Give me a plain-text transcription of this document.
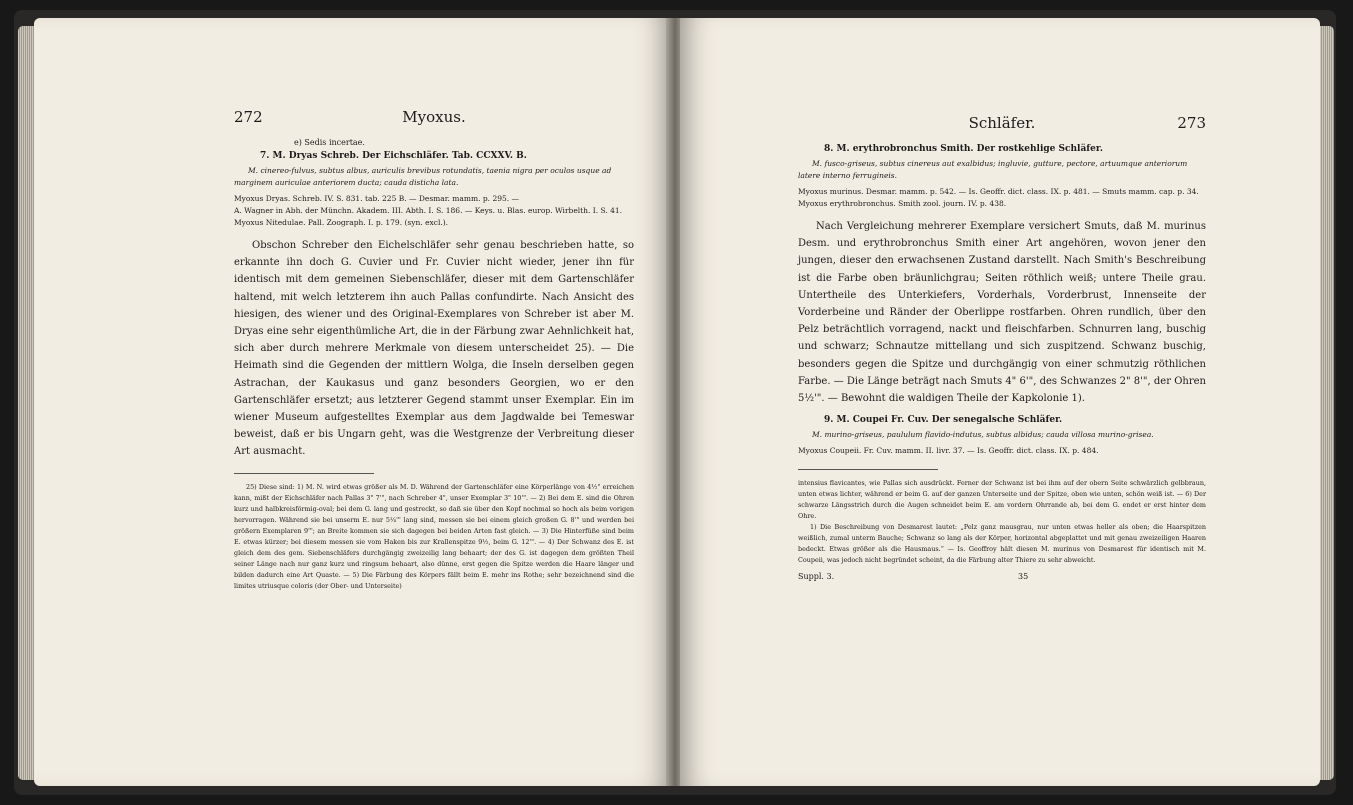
272	Myoxus.

e) Sedis incertae.

7. M. Dryas Schreb. Der Eichschläfer. Tab. CCXXV. B.

M. cinereo-fulvus, subtus albus, auriculis brevibus rotundatis, taenia nigra per oculos usque ad marginem auriculae anteriorem ducta; cauda disticha lata.

Myoxus Dryas. Schreb. IV. S. 831. tab. 225 B. — Desmar. mamm. p. 295. —

A. Wagner in Abh. der Münchn. Akadem. III. Abth. I. S. 186. — Keys. u. Blas. europ. Wirbelth. I. S. 41.

Myoxus Nitedulae. Pall. Zoograph. I. p. 179. (syn. excl.).

Obschon Schreber den Eichelschläfer sehr genau beschrieben hatte, so erkannte ihn doch G. Cuvier und Fr. Cuvier nicht wieder, jener ihn für identisch mit dem gemeinen Siebenschläfer, dieser mit dem Gartenschläfer haltend, mit welch letzterem ihn auch Pallas confundirte. Nach Ansicht des hiesigen, des wiener und des Original-Exemplares von Schreber ist aber M. Dryas eine sehr eigenthümliche Art, die in der Färbung zwar Aehnlichkeit hat, sich aber durch mehrere Merkmale von diesem unterscheidet 25). — Die Heimath sind die Gegenden der mittlern Wolga, die Inseln derselben gegen Astrachan, der Kaukasus und ganz besonders Georgien, wo er den Gartenschläfer ersetzt; aus letzterer Gegend stammt unser Exemplar. Ein im wiener Museum aufgestelltes Exemplar aus dem Jagdwalde bei Temeswar beweist, daß er bis Ungarn geht, was die Westgrenze der Verbreitung dieser Art ausmacht.

25) Diese sind: 1) M. N. wird etwas größer als M. D. Während der Gartenschläfer eine Körperlänge von 4½" erreichen kann, mißt der Eichschläfer nach Pallas 3" 7'", nach Schreber 4", unser Exemplar 3" 10'". — 2) Bei dem E. sind die Ohren kurz und halbkreisförmig-oval; bei dem G. lang und gestreckt, so daß sie über den Kopf nochmal so hoch als beim vorigen hervorragen. Während sie bei unserm E. nur 5¼'" lang sind, messen sie bei einem gleich großen G. 8'" und werden bei größern Exemplaren 9'"; an Breite kommen sie sich dagegen bei beiden Arten fast gleich. — 3) Die Hinterfüße sind beim E. etwas kürzer; bei diesem messen sie vom Haken bis zur Krallenspitze 9½, beim G. 12'". — 4) Der Schwanz des E. ist gleich dem des gem. Siebenschläfers durchgängig zweizeilig lang behaart; der des G. ist dagegen dem größten Theil seiner Länge nach nur ganz kurz und ringsum behaart, also dünne, erst gegen die Spitze werden die Haare länger und bilden dadurch eine Art Quaste. — 5) Die Färbung des Körpers fällt beim E. mehr ins Rothe; sehr bezeichnend sind die limites utriusque coloris (der Ober- und Unterseite)

Schläfer.	273

8. M. erythrobronchus Smith. Der rostkehlige Schläfer.

M. fusco-griseus, subtus cinereus aut exalbidus; ingluvie, gutture, pectore, artuumque anteriorum latere interno ferrugineis.

Myoxus murinus. Desmar. mamm. p. 542. — Is. Geoffr. dict. class. IX. p. 481. — Smuts mamm. cap. p. 34.

Myoxus erythrobronchus. Smith zool. journ. IV. p. 438.

Nach Vergleichung mehrerer Exemplare versichert Smuts, daß M. murinus Desm. und erythrobronchus Smith einer Art angehören, wovon jener den jungen, dieser den erwachsenen Zustand darstellt. Nach Smith's Beschreibung ist die Farbe oben bräunlichgrau; Seiten röthlich weiß; untere Theile grau. Untertheile des Unterkiefers, Vorderhals, Vorderbrust, Innenseite der Vorderbeine und Ränder der Oberlippe rostfarben. Ohren rundlich, über den Pelz beträchtlich vorragend, nackt und fleischfarben. Schnurren lang, buschig und schwarz; Schnautze mittellang und sich zuspitzend. Schwanz buschig, besonders gegen die Spitze und durchgängig von einer schmutzig röthlichen Farbe. — Die Länge beträgt nach Smuts 4" 6'", des Schwanzes 2" 8'", der Ohren 5½'". — Bewohnt die waldigen Theile der Kapkolonie 1).

9. M. Coupei Fr. Cuv. Der senegalsche Schläfer.

M. murino-griseus, paululum flavido-indutus, subtus albidus; cauda villosa murino-grisea.

Myoxus Coupeii. Fr. Cuv. mamm. II. livr. 37. — Is. Geoffr. dict. class. IX. p. 484.

intensius flavicantes, wie Pallas sich ausdrückt. Ferner der Schwanz ist bei ihm auf der obern Seite schwärzlich gelbbraun, unten etwas lichter, während er beim G. auf der ganzen Unterseite und der Spitze, oben wie unten, schön weiß ist. — 6) Der schwarze Längsstrich durch die Augen schneidet beim E. am vordern Ohrrande ab, bei dem G. endet er erst hinter dem Ohre.

1) Die Beschreibung von Desmarest lautet: „Pelz ganz mausgrau, nur unten etwas heller als oben; die Haarspitzen weißlich, zumal unterm Bauche; Schwanz so lang als der Körper, horizontal abgeplattet und mit genau zweizeiligen Haaren bedeckt. Etwas größer als die Hausmaus.“ — Is. Geoffroy hält diesen M. murinus von Desmarest für identisch mit M. Coupeii, was jedoch nicht begründet scheint, da die Färbung alter Thiere zu sehr abweicht.

Suppl. 3.	35
